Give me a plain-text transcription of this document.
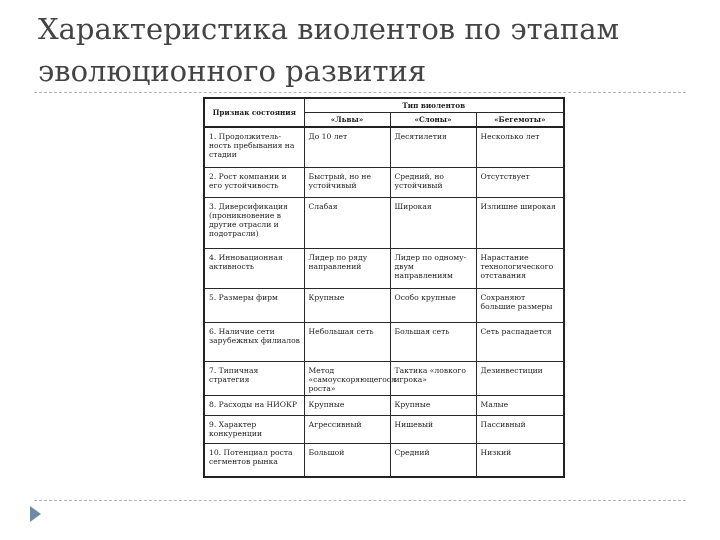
Характеристика виолентов по этапам эволюционного развития
Признак состояния	Тип виолентов		
	«Львы»	«Слоны»	«Бегемоты»
1. Продолжитель-ность пребывания на стадии	До 10 лет	Десятилетия	Несколько лет
2. Рост компании и его устойчивость	Быстрый, но не устойчивый	Средний, но устойчивый	Отсутствует
3. Диверсификация (проникновение в другие отрасли и подотрасли)	Слабая	Широкая	Излишне широкая
4. Инновационная активность	Лидер по ряду направлений	Лидер по одному-двум направлениям	Нарастание технологического отставания
5. Размеры фирм	Крупные	Особо крупные	Сохраняют большие размеры
6. Наличие сети зарубежных филиалов	Небольшая сеть	Большая сеть	Сеть распадается
7. Типичная стратегия	Метод «самоускоряющегося роста»	Тактика «ловкого игрока»	Дезинвестиции
8. Расходы на НИОКР	Крупные	Крупные	Малые
9. Характер конкуренции	Агрессивный	Нишевый	Пассивный
10. Потенциал роста сегментов рынка	Большой	Средний	Низкий
